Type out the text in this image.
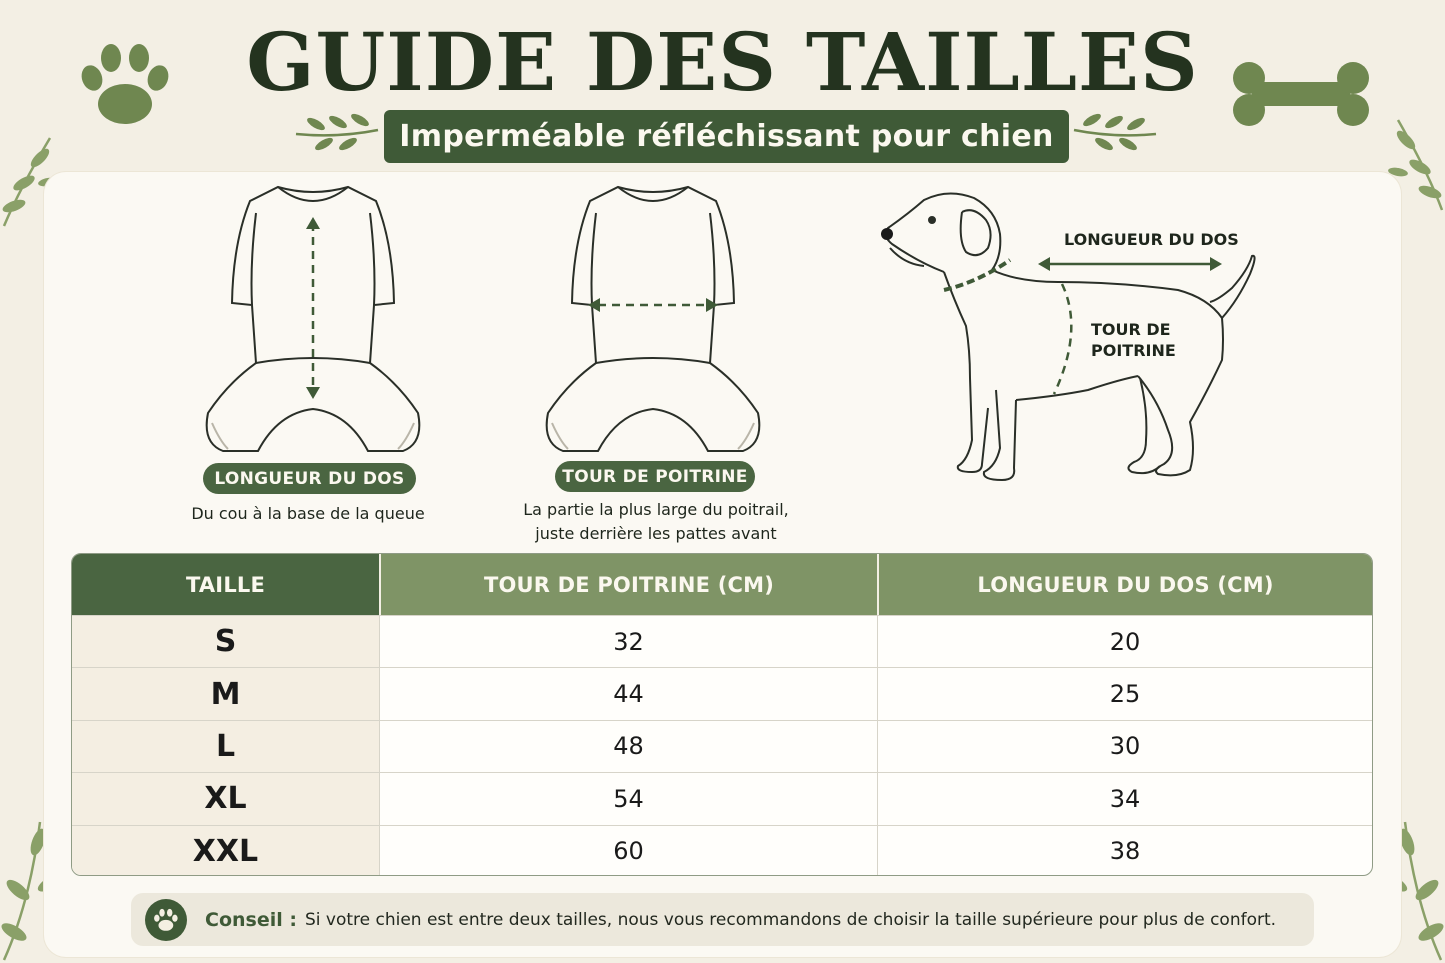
GUIDE DES TAILLES
Imperméable réfléchissant pour chien
LONGUEUR DU DOS
Du cou à la base de la queue
TOUR DE POITRINE
La partie la plus large du poitrail,
juste derrière les pattes avant
LONGUEUR DU DOS
TOUR DE
POITRINE
TAILLE	TOUR DE POITRINE (CM)	LONGUEUR DU DOS (CM)
S	32	20
M	44	25
L	48	30
XL	54	34
XXL	60	38
Conseil : Si votre chien est entre deux tailles, nous vous recommandons de choisir la taille supérieure pour plus de confort.
